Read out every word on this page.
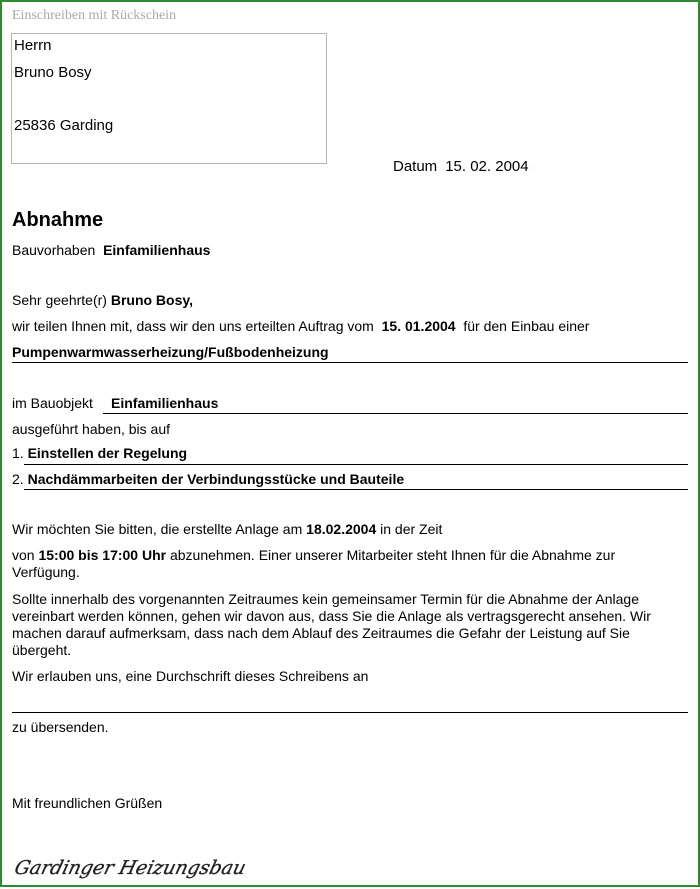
Einschreiben mit Rückschein
Herrn
Bruno Bosy
25836 Garding
Datum 15. 02. 2004
Abnahme
Bauvorhaben Einfamilienhaus
Sehr geehrte(r) Bruno Bosy,
wir teilen Ihnen mit, dass wir den uns erteilten Auftrag vom 15. 01.2004 für den Einbau einer
Pumpenwarmwasserheizung/Fußbodenheizung
im Bauobjekt Einfamilienhaus
ausgeführt haben, bis auf
1. Einstellen der Regelung
2. Nachdämmarbeiten der Verbindungsstücke und Bauteile
Wir möchten Sie bitten, die erstellte Anlage am 18.02.2004 in der Zeit
von 15:00 bis 17:00 Uhr abzunehmen. Einer unserer Mitarbeiter steht Ihnen für die Abnahme zur Verfügung.
Sollte innerhalb des vorgenannten Zeitraumes kein gemeinsamer Termin für die Abnahme der Anlage vereinbart werden können, gehen wir davon aus, dass Sie die Anlage als vertragsgerecht ansehen. Wir machen darauf aufmerksam, dass nach dem Ablauf des Zeitraumes die Gefahr der Leistung auf Sie übergeht.
Wir erlauben uns, eine Durchschrift dieses Schreibens an
zu übersenden.
Mit freundlichen Grüßen
Gardinger Heizungsbau
